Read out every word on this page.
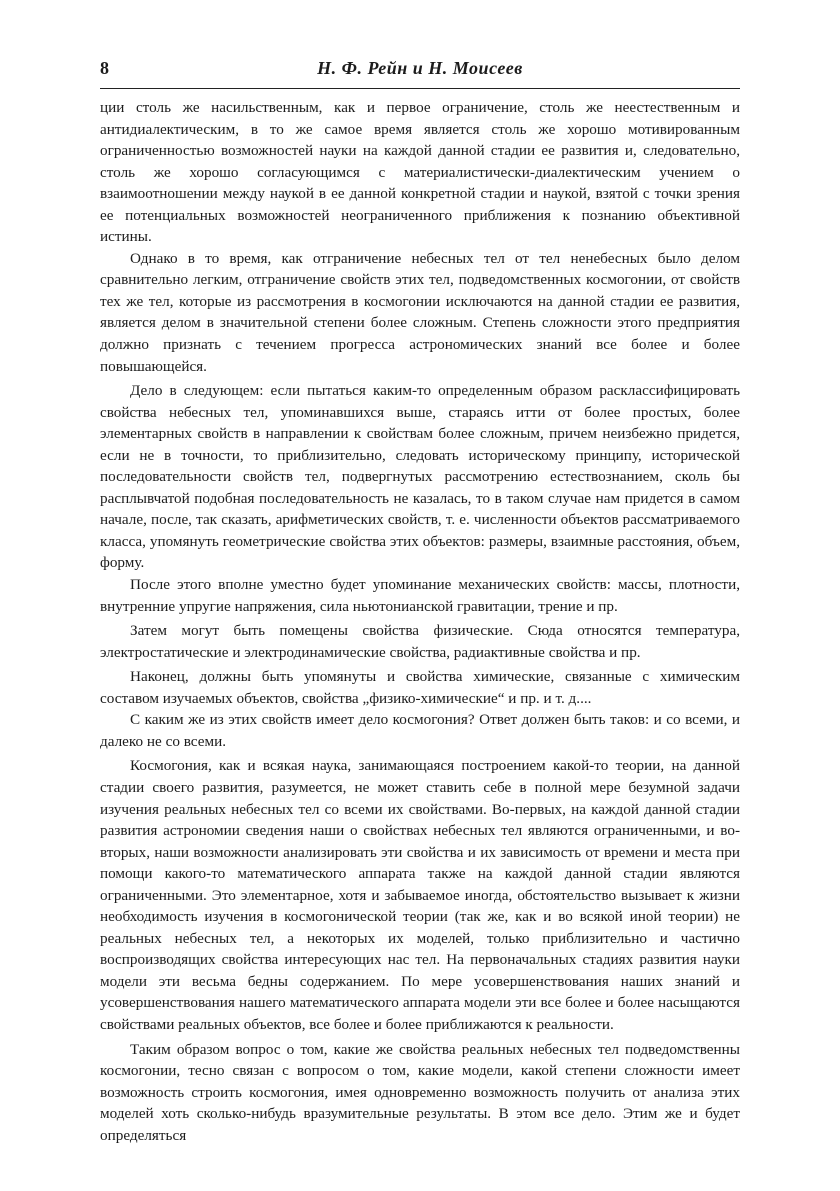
8	Н. Ф. Рейн и Н. Моисеев

ции столь же насильственным, как и первое ограничение, столь же неестественным и антидиалектическим, в то же самое время является столь же хорошо мотивированным ограниченностью возможностей науки на каждой данной стадии ее развития и, следовательно, столь же хорошо согласующимся с материалистически-диалектическим учением о взаимоотношении между наукой в ее данной конкретной стадии и наукой, взятой с точки зрения ее потенциальных возможностей неограниченного приближения к познанию объективной истины.

Однако в то время, как отграничение небесных тел от тел ненебесных было делом сравнительно легким, отграничение свойств этих тел, подведомственных космогонии, от свойств тех же тел, которые из рассмотрения в космогонии исключаются на данной стадии ее развития, является делом в значительной степени более сложным. Степень сложности этого предприятия должно признать с течением прогресса астрономических знаний все более и более повышающейся.

Дело в следующем: если пытаться каким-то определенным образом расклассифицировать свойства небесных тел, упоминавшихся выше, стараясь итти от более простых, более элементарных свойств в направлении к свойствам более сложным, причем неизбежно придется, если не в точности, то приблизительно, следовать историческому принципу, исторической последовательности свойств тел, подвергнутых рассмотрению естествознанием, сколь бы расплывчатой подобная последовательность не казалась, то в таком случае нам придется в самом начале, после, так сказать, арифметических свойств, т. е. численности объектов рассматриваемого класса, упомянуть геометрические свойства этих объектов: размеры, взаимные расстояния, объем, форму.

После этого вполне уместно будет упоминание механических свойств: массы, плотности, внутренние упругие напряжения, сила ньютонианской гравитации, трение и пр.

Затем могут быть помещены свойства физические. Сюда относятся температура, электростатические и электродинамические свойства, радиактивные свойства и пр.

Наконец, должны быть упомянуты и свойства химические, связанные с химическим составом изучаемых объектов, свойства „физико-химические“ и пр. и т. д....

С каким же из этих свойств имеет дело космогония? Ответ должен быть таков: и со всеми, и далеко не со всеми.

Космогония, как и всякая наука, занимающаяся построением какой-то теории, на данной стадии своего развития, разумеется, не может ставить себе в полной мере безумной задачи изучения реальных небесных тел со всеми их свойствами. Во-первых, на каждой данной стадии развития астрономии сведения наши о свойствах небесных тел являются ограниченными, и во-вторых, наши возможности анализировать эти свойства и их зависимость от времени и места при помощи какого-то математического аппарата также на каждой данной стадии являются ограниченными. Это элементарное, хотя и забываемое иногда, обстоятельство вызывает к жизни необходимость изучения в космогонической теории (так же, как и во всякой иной теории) не реальных небесных тел, а некоторых их моделей, только приблизительно и частично воспроизводящих свойства интересующих нас тел. На первоначальных стадиях развития науки модели эти весьма бедны содержанием. По мере усовершенствования наших знаний и усовершенствования нашего математического аппарата модели эти все более и более насыщаются свойствами реальных объектов, все более и более приближаются к реальности.

Таким образом вопрос о том, какие же свойства реальных небесных тел подведомственны космогонии, тесно связан с вопросом о том, какие модели, какой степени сложности имеет возможность строить космогония, имея одновременно возможность получить от анализа этих моделей хоть сколько-нибудь вразумительные результаты. В этом все дело. Этим же и будет определяться
